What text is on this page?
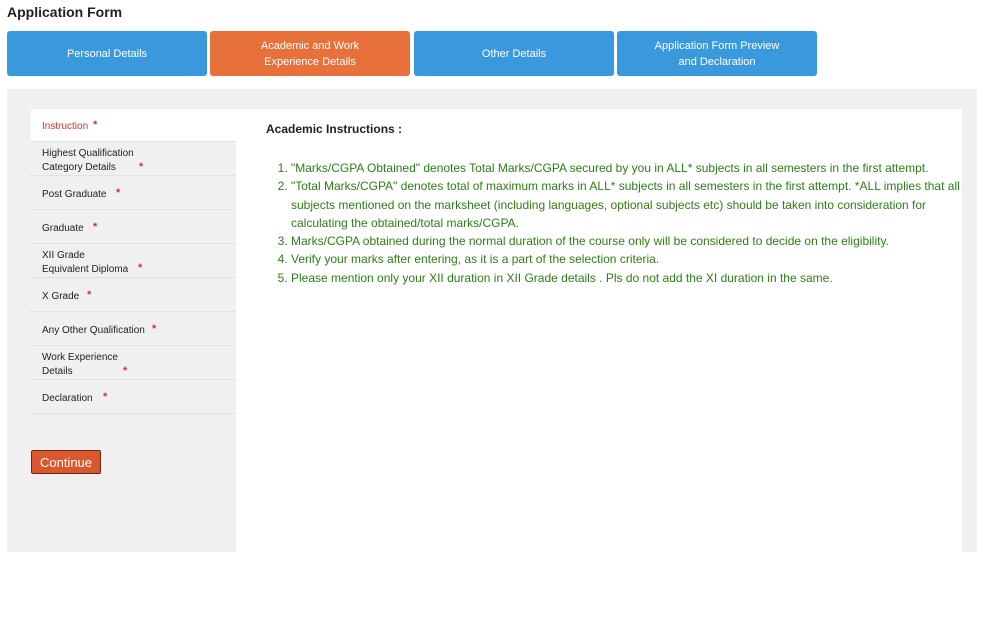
Application Form
Personal Details
Academic and Work
Experience Details
Other Details
Application Form Preview
and Declaration
Instruction *
Highest Qualification
Category Details	*
Post Graduate *
Graduate *
XII Grade
Equivalent Diploma *
X Grade *
Any Other Qualification *
Work Experience
Details	*
Declaration *
Continue
Academic Instructions :
1. "Marks/CGPA Obtained" denotes Total Marks/CGPA secured by you in ALL* subjects in all semesters in the first attempt.
2. "Total Marks/CGPA" denotes total of maximum marks in ALL* subjects in all semesters in the first attempt. *ALL implies that all subjects mentioned on the marksheet (including languages, optional subjects etc) should be taken into consideration for calculating the obtained/total marks/CGPA.
3. Marks/CGPA obtained during the normal duration of the course only will be considered to decide on the eligibility.
4. Verify your marks after entering, as it is a part of the selection criteria.
5. Please mention only your XII duration in XII Grade details . Pls do not add the XI duration in the same.
